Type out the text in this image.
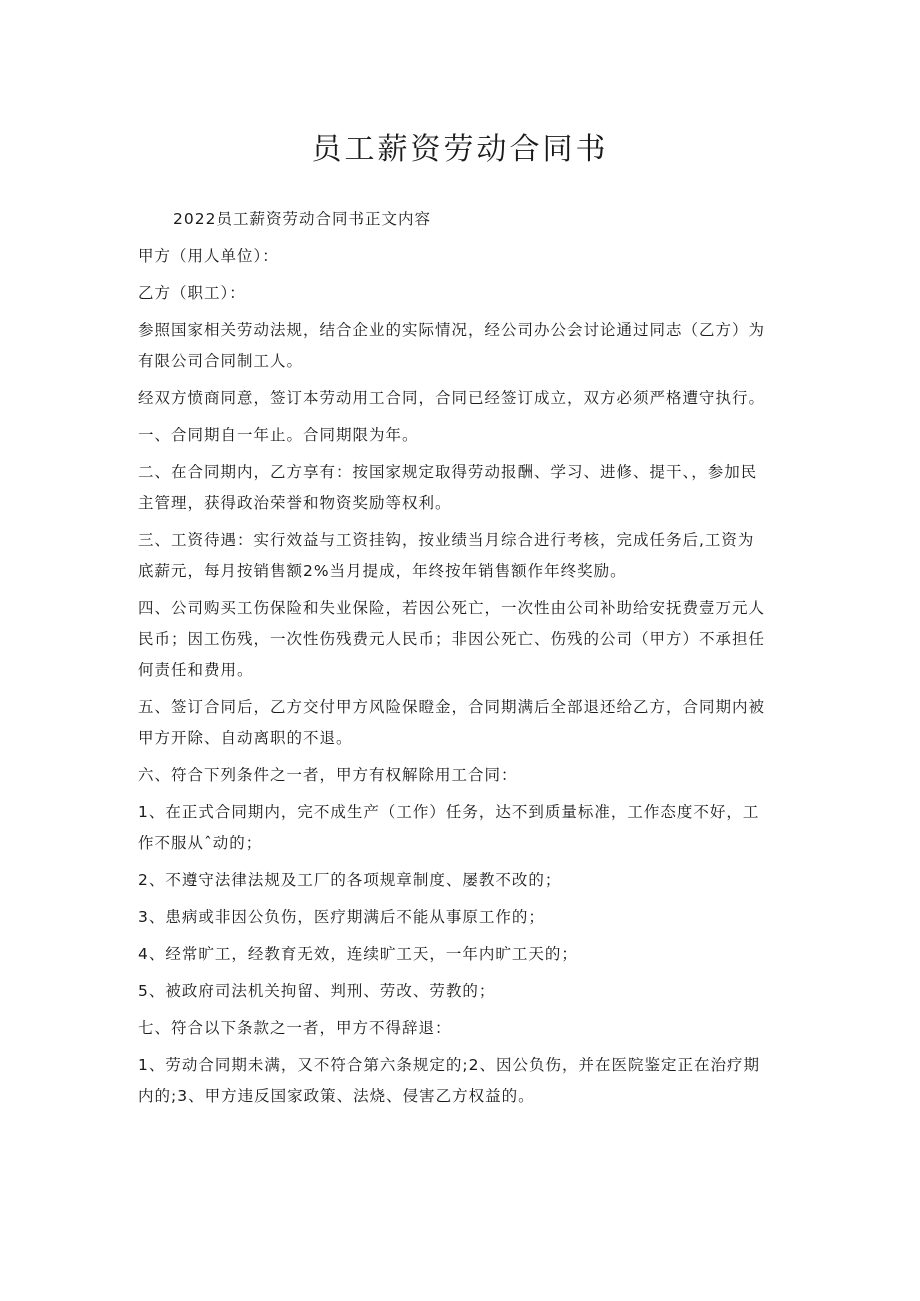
员工薪资劳动合同书

2022员工薪资劳动合同书正文内容

甲方（用人单位）：

乙方（职工）：

参照国家相关劳动法规，结合企业的实际情况，经公司办公会讨论通过同志（乙方）为

有限公司合同制工人。

经双方愤商同意，签订本劳动用工合同，合同已经签订成立，双方必须严格遭守执行。

一、合同期自一年止。合同期限为年。

二、在合同期内，乙方享有：按国家规定取得劳动报酬、学习、进修、提干、，参加民

主管理，获得政治荣誉和物资奖励等权利。

三、工资待遇：实行效益与工资挂钩，按业绩当月综合进行考核，完成任务后,工资为

底薪元，每月按销售额2%当月提成，年终按年销售额作年终奖励。

四、公司购买工伤保险和失业保险，若因公死亡，一次性由公司补助给安抚费壹万元人

民币；因工伤残，一次性伤残费元人民币；非因公死亡、伤残的公司（甲方）不承担任

何责任和费用。

五、签订合同后，乙方交付甲方风险保瞪金，合同期满后全部退还给乙方，合同期内被

甲方开除、自动离职的不退。

六、符合下列条件之一者，甲方有权解除用工合同：

1、在正式合同期内，完不成生产（工作）任务，达不到质量标准，工作态度不好，工

作不服从ˆ动的；

2、不遵守法律法规及工厂的各项规章制度、屡教不改的；

3、患病或非因公负伤，医疗期满后不能从事原工作的；

4、经常旷工，经教育无效，连续旷工天，一年内旷工天的；

5、被政府司法机关拘留、判刑、劳改、劳教的；

七、符合以下条款之一者，甲方不得辞退：

1、劳动合同期未满，又不符合第六条规定的;2、因公负伤，并在医院鉴定正在治疗期

内的;3、甲方违反国家政策、法烧、侵害乙方权益的。
